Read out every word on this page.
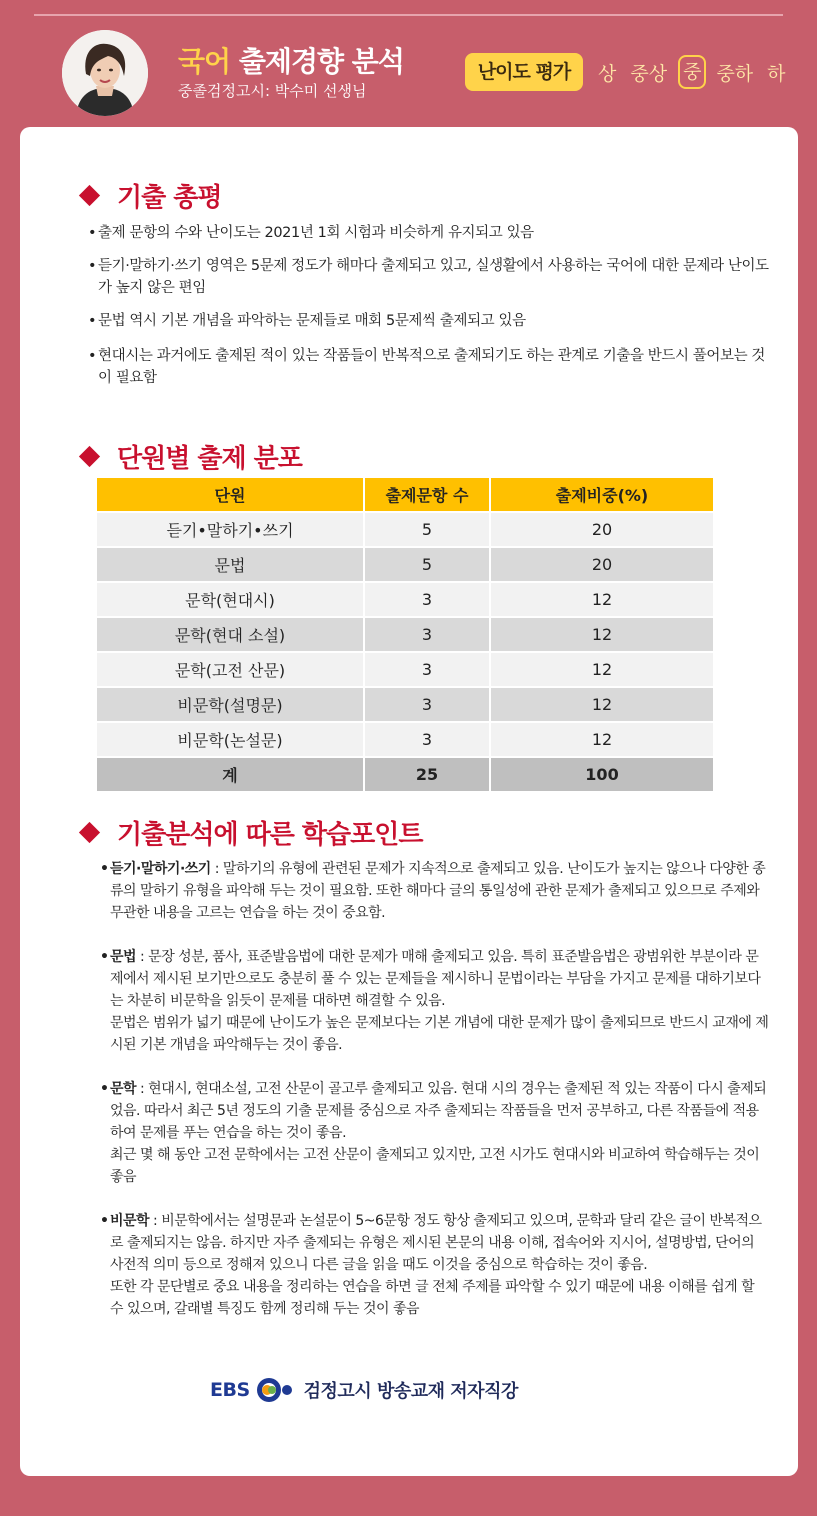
국어 출제경향 분석
중졸검정고시: 박수미 선생님
난이도 평가	상 중상 중 중하 하
기출 총평
• 출제 문항의 수와 난이도는 2021년 1회 시험과 비슷하게 유지되고 있음
• 듣기·말하기·쓰기 영역은 5문제 정도가 해마다 출제되고 있고, 실생활에서 사용하는 국어에 대한 문제라 난이도가 높지 않은 편임
• 문법 역시 기본 개념을 파악하는 문제들로 매회 5문제씩 출제되고 있음
• 현대시는 과거에도 출제된 적이 있는 작품들이 반복적으로 출제되기도 하는 관계로 기출을 반드시 풀어보는 것이 필요함
단원별 출제 분포
단원	출제문항 수	출제비중(%)
듣기•말하기•쓰기	5	20
문법	5	20
문학(현대시)	3	12
문학(현대 소설)	3	12
문학(고전 산문)	3	12
비문학(설명문)	3	12
비문학(논설문)	3	12
계	25	100
기출분석에 따른 학습포인트
• 듣기·말하기·쓰기 : 말하기의 유형에 관련된 문제가 지속적으로 출제되고 있음. 난이도가 높지는 않으나 다양한 종류의 말하기 유형을 파악해 두는 것이 필요함. 또한 해마다 글의 통일성에 관한 문제가 출제되고 있으므로 주제와 무관한 내용을 고르는 연습을 하는 것이 중요함.
• 문법 : 문장 성분, 품사, 표준발음법에 대한 문제가 매해 출제되고 있음. 특히 표준발음법은 광범위한 부분이라 문제에서 제시된 보기만으로도 충분히 풀 수 있는 문제들을 제시하니 문법이라는 부담을 가지고 문제를 대하기보다는 차분히 비문학을 읽듯이 문제를 대하면 해결할 수 있음.
문법은 범위가 넓기 때문에 난이도가 높은 문제보다는 기본 개념에 대한 문제가 많이 출제되므로 반드시 교재에 제시된 기본 개념을 파악해두는 것이 좋음.
• 문학 : 현대시, 현대소설, 고전 산문이 골고루 출제되고 있음. 현대 시의 경우는 출제된 적 있는 작품이 다시 출제되었음. 따라서 최근 5년 정도의 기출 문제를 중심으로 자주 출제되는 작품들을 먼저 공부하고, 다른 작품들에 적용하여 문제를 푸는 연습을 하는 것이 좋음.
최근 몇 해 동안 고전 문학에서는 고전 산문이 출제되고 있지만, 고전 시가도 현대시와 비교하여 학습해두는 것이 좋음
• 비문학 : 비문학에서는 설명문과 논설문이 5~6문항 정도 항상 출제되고 있으며, 문학과 달리 같은 글이 반복적으로 출제되지는 않음. 하지만 자주 출제되는 유형은 제시된 본문의 내용 이해, 접속어와 지시어, 설명방법, 단어의 사전적 의미 등으로 정해져 있으니 다른 글을 읽을 때도 이것을 중심으로 학습하는 것이 좋음.
또한 각 문단별로 중요 내용을 정리하는 연습을 하면 글 전체 주제를 파악할 수 있기 때문에 내용 이해를 쉽게 할 수 있으며, 갈래별 특징도 함께 정리해 두는 것이 좋음
EBS	검정고시 방송교재 저자직강
